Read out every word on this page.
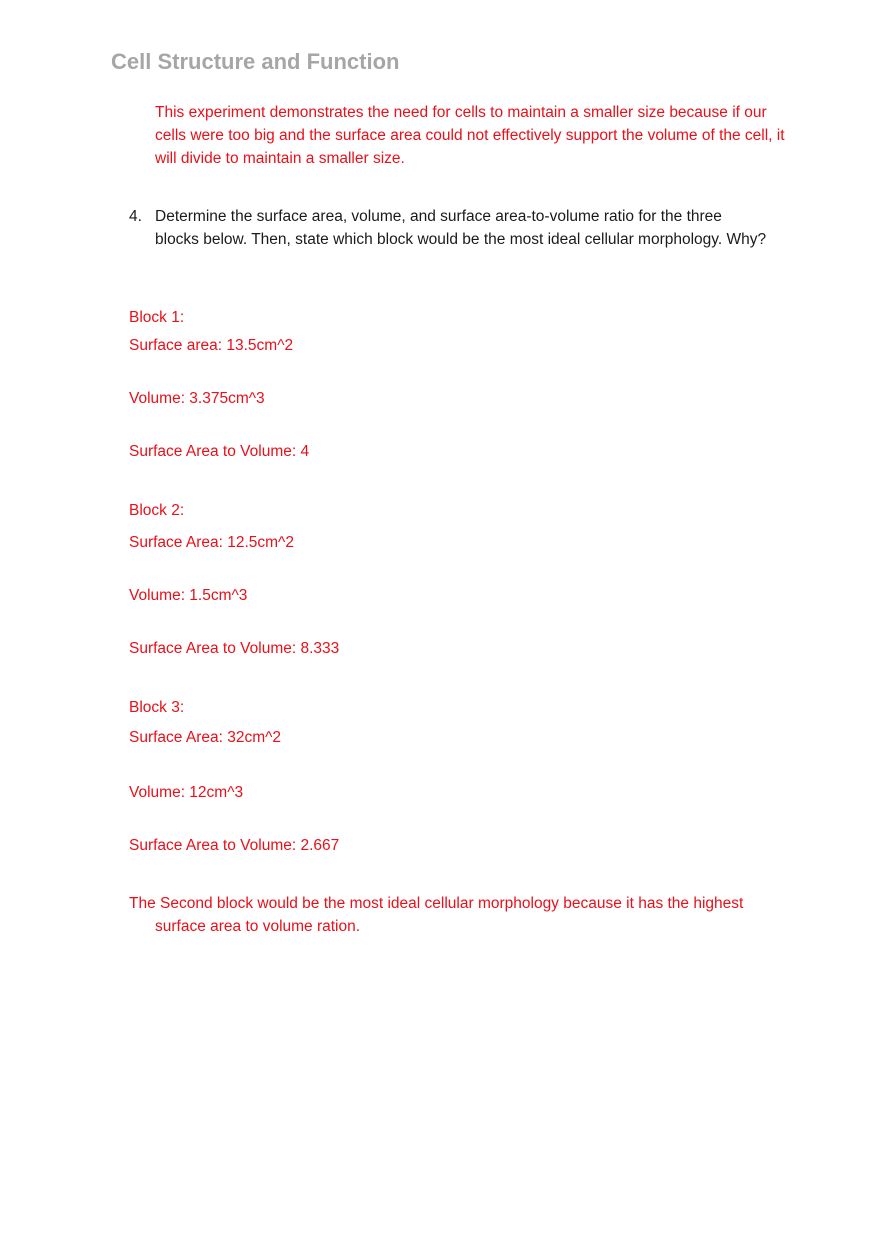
Cell Structure and Function
This experiment demonstrates the need for cells to maintain a smaller size because if our cells were too big and the surface area could not effectively support the volume of the cell, it will divide to maintain a smaller size.
4. Determine the surface area, volume, and surface area-to-volume ratio for the three blocks below. Then, state which block would be the most ideal cellular morphology. Why?
Block 1:
Surface area: 13.5cm^2
Volume: 3.375cm^3
Surface Area to Volume: 4
Block 2:
Surface Area: 12.5cm^2
Volume: 1.5cm^3
Surface Area to Volume: 8.333
Block 3:
Surface Area: 32cm^2
Volume: 12cm^3
Surface Area to Volume: 2.667
The Second block would be the most ideal cellular morphology because it has the highest
surface area to volume ration.
